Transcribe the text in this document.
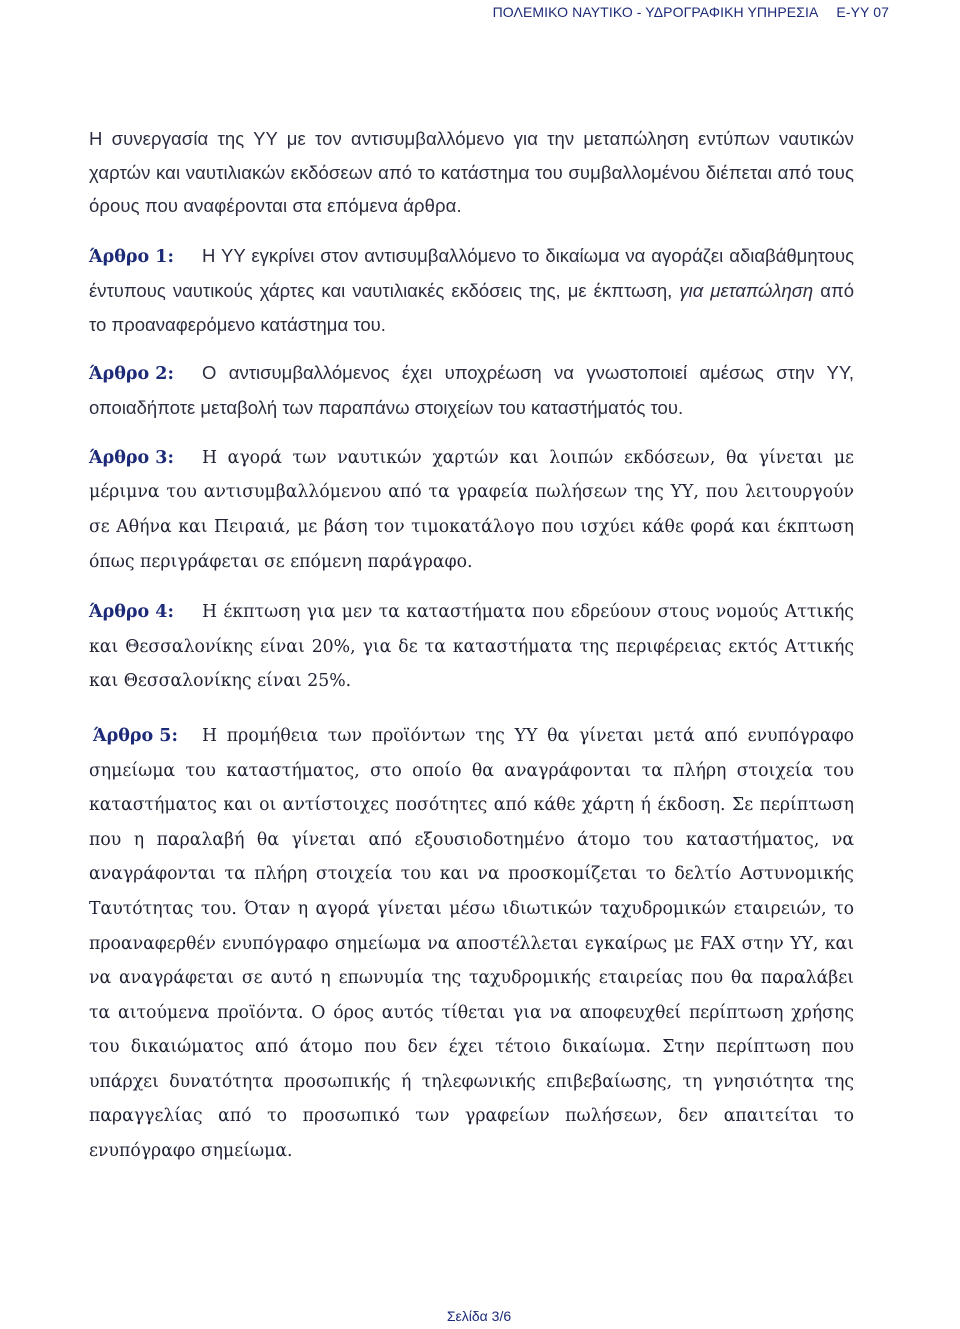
ΠΟΛΕΜΙΚΟ ΝΑΥΤΙΚΟ - ΥΔΡΟΓΡΑΦΙΚΗ ΥΠΗΡΕΣΙΑ Ε-ΥΥ 07

Η συνεργασία της ΥΥ με τον αντισυμβαλλόμενο για την μεταπώληση εντύπων ναυτικών χαρτών και ναυτιλιακών εκδόσεων από το κατάστημα του συμβαλλομένου διέπεται από τους όρους που αναφέρονται στα επόμενα άρθρα.

Άρθρο 1: Η ΥΥ εγκρίνει στον αντισυμβαλλόμενο το δικαίωμα να αγοράζει αδιαβάθμητους έντυπους ναυτικούς χάρτες και ναυτιλιακές εκδόσεις της, με έκπτωση, για μεταπώληση από το προαναφερόμενο κατάστημα του.

Άρθρο 2: Ο αντισυμβαλλόμενος έχει υποχρέωση να γνωστοποιεί αμέσως στην ΥΥ, οποιαδήποτε μεταβολή των παραπάνω στοιχείων του καταστήματός του.

Άρθρο 3: Η αγορά των ναυτικών χαρτών και λοιπών εκδόσεων, θα γίνεται με μέριμνα του αντισυμβαλλόμενου από τα γραφεία πωλήσεων της ΥΥ, που λειτουργούν σε Αθήνα και Πειραιά, με βάση τον τιμοκατάλογο που ισχύει κάθε φορά και έκπτωση όπως περιγράφεται σε επόμενη παράγραφο.

Άρθρο 4: Η έκπτωση για μεν τα καταστήματα που εδρεύουν στους νομούς Αττικής και Θεσσαλονίκης είναι 20%, για δε τα καταστήματα της περιφέρειας εκτός Αττικής και Θεσσαλονίκης είναι 25%.

Άρθρο 5: Η προμήθεια των προϊόντων της ΥΥ θα γίνεται μετά από ενυπόγραφο σημείωμα του καταστήματος, στο οποίο θα αναγράφονται τα πλήρη στοιχεία του καταστήματος και οι αντίστοιχες ποσότητες από κάθε χάρτη ή έκδοση. Σε περίπτωση που η παραλαβή θα γίνεται από εξουσιοδοτημένο άτομο του καταστήματος, να αναγράφονται τα πλήρη στοιχεία του και να προσκομίζεται το δελτίο Αστυνομικής Ταυτότητας του. Όταν η αγορά γίνεται μέσω ιδιωτικών ταχυδρομικών εταιρειών, το προαναφερθέν ενυπόγραφο σημείωμα να αποστέλλεται εγκαίρως με FAX στην ΥΥ, και να αναγράφεται σε αυτό η επωνυμία της ταχυδρομικής εταιρείας που θα παραλάβει τα αιτούμενα προϊόντα. Ο όρος αυτός τίθεται για να αποφευχθεί περίπτωση χρήσης του δικαιώματος από άτομο που δεν έχει τέτοιο δικαίωμα. Στην περίπτωση που υπάρχει δυνατότητα προσωπικής ή τηλεφωνικής επιβεβαίωσης, τη γνησιότητα της παραγγελίας από το προσωπικό των γραφείων πωλήσεων, δεν απαιτείται το ενυπόγραφο σημείωμα.

Σελίδα 3/6
